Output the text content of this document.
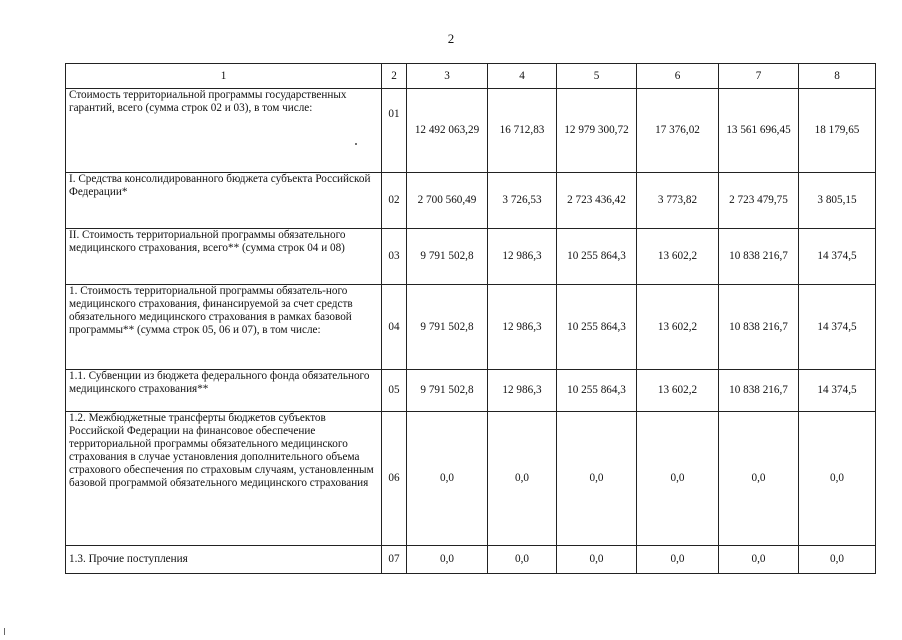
2
1	2	3	4	5	6	7	8
Стоимость территориальной программы государственных гарантий, всего (сумма строк 02 и 03), в том числе:	01	12 492 063,29	16 712,83	12 979 300,72	17 376,02	13 561 696,45	18 179,65
I. Средства консолидированного бюджета субъекта Российской Федерации*	02	2 700 560,49	3 726,53	2 723 436,42	3 773,82	2 723 479,75	3 805,15
II. Стоимость территориальной программы обязательного медицинского страхования, всего** (сумма строк 04 и 08)	03	9 791 502,8	12 986,3	10 255 864,3	13 602,2	10 838 216,7	14 374,5
1. Стоимость территориальной программы обязатель-ного медицинского страхования, финансируемой за счет средств обязательного медицинского страхования в рамках базовой программы** (сумма строк 05, 06 и 07), в том числе:	04	9 791 502,8	12 986,3	10 255 864,3	13 602,2	10 838 216,7	14 374,5
1.1. Субвенции из бюджета федерального фонда обязательного медицинского страхования**	05	9 791 502,8	12 986,3	10 255 864,3	13 602,2	10 838 216,7	14 374,5
1.2. Межбюджетные трансферты бюджетов субъектов Российской Федерации на финансовое обеспечение территориальной программы обязательного медицинского страхования в случае установления дополнительного объема страхового обеспечения по страховым случаям, установленным базовой программой обязательного медицинского страхования	06	0,0	0,0	0,0	0,0	0,0	0,0
1.3. Прочие поступления	07	0,0	0,0	0,0	0,0	0,0	0,0
